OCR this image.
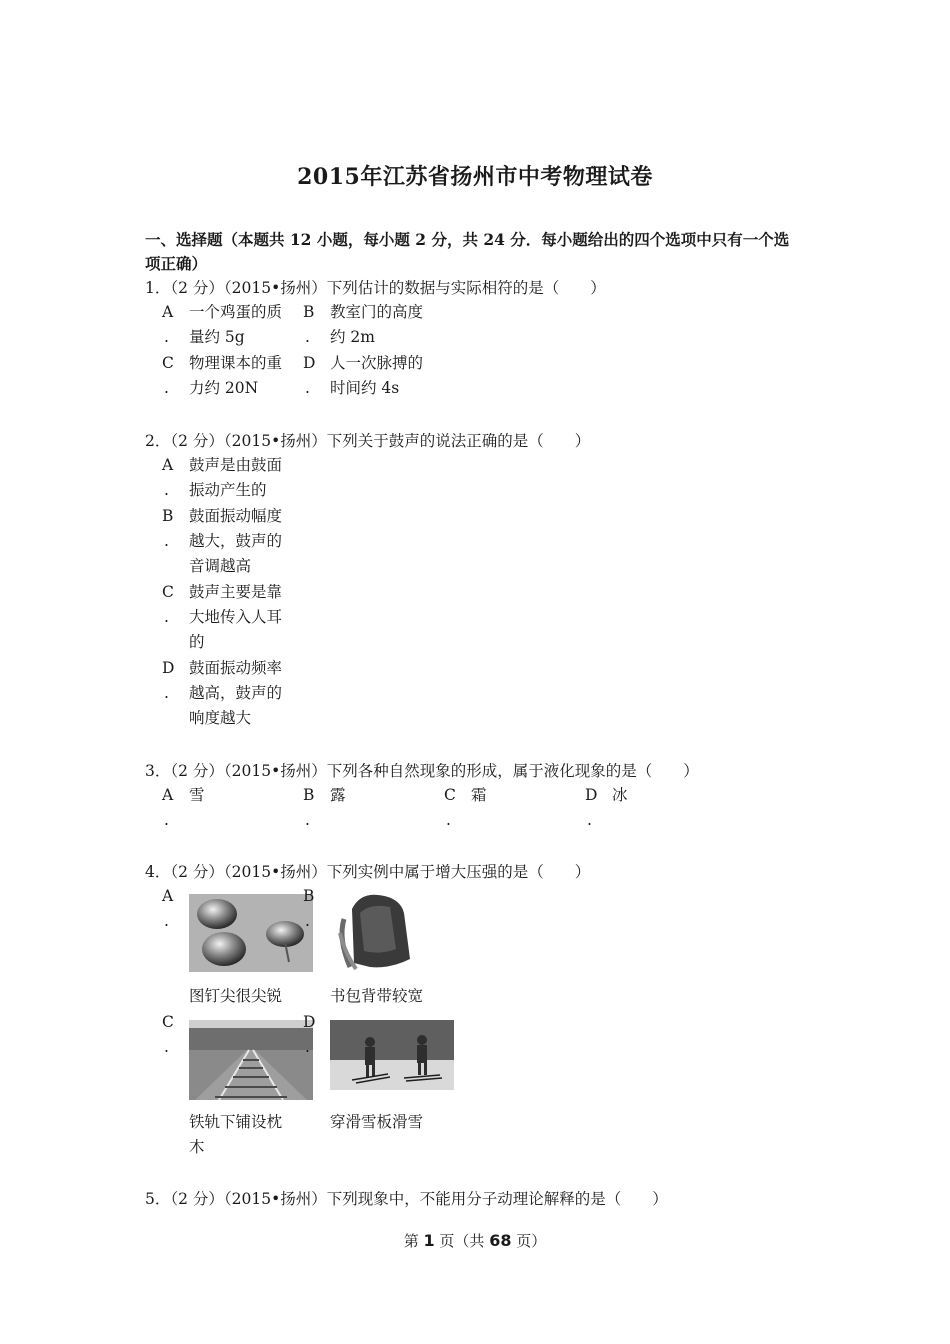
2015年江苏省扬州市中考物理试卷
一、选择题（本题共 12 小题，每小题 2 分，共 24 分．每小题给出的四个选项中只有一个选
项正确）
1．（2 分）（2015•扬州）下列估计的数据与实际相符的是（　　）
A
.
一个鸡蛋的质
量约 5g
B
.
教室门的高度
约 2m
C
.
物理课本的重
力约 20N
D
.
人一次脉搏的
时间约 4s
2．（2 分）（2015•扬州）下列关于鼓声的说法正确的是（　　）
A
.
鼓声是由鼓面
振动产生的
B
.
鼓面振动幅度
越大，鼓声的
音调越高
C
.
鼓声主要是靠
大地传入人耳
的
D
.
鼓面振动频率
越高，鼓声的
响度越大
3．（2 分）（2015•扬州）下列各种自然现象的形成，属于液化现象的是（　　）
A
.
雪	B
.
露	C
.
霜	D
.
冰
4．（2 分）（2015•扬州）下列实例中属于增大压强的是（　　）
A
.
图钉尖很尖锐
B
.
书包背带较宽
C
.
铁轨下铺设枕
木
D
.
穿滑雪板滑雪
5．（2 分）（2015•扬州）下列现象中，不能用分子动理论解释的是（　　）
第 1 页（共 68 页）
